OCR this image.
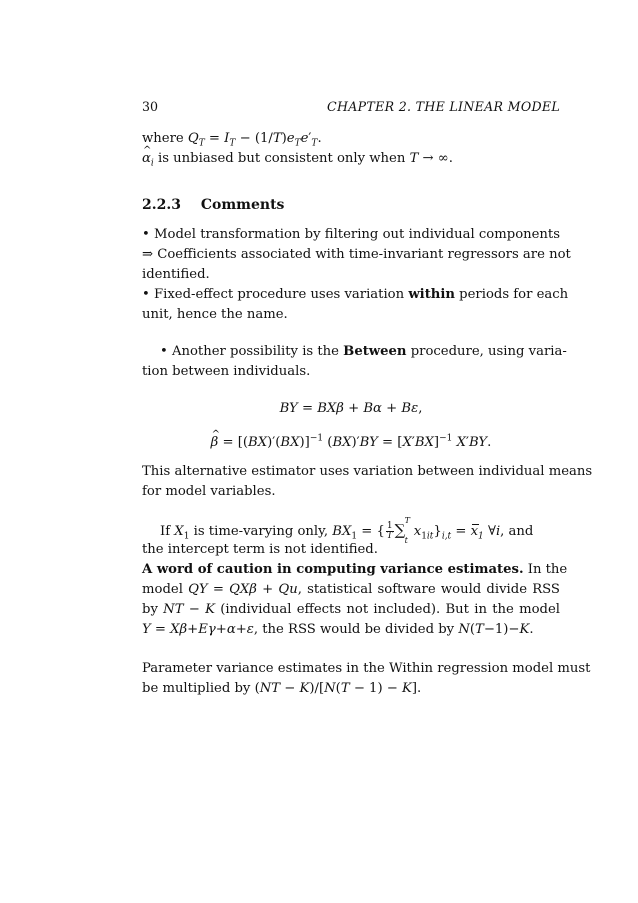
30	CHAPTER 2. THE LINEAR MODEL
where $Q_T = I_T - (1/T)e_Te'_T$.
^ $\alpha_i$ is unbiased but consistent only when T → ∞.
2.2.3 Comments
• Model transformation by filtering out individual components
⇒ Coefficients associated with time-invariant regressors are not
identified.
• Fixed-effect procedure uses variation within periods for each
unit, hence the name.
• Another possibility is the Between procedure, using varia-
tion between individuals.
BY = BXβ + Bα + Bε,
^ $\beta = [(BX)'(BX)]^{-1}$ $(BX)'BY = [X'BX]^{-1}$ X′BY.
This alternative estimator uses variation between individual means
for model variables.
If $X_1$ is time-varying only, $BX_1$ = { $\frac{1}{T}$ ∑
T
t
$x_{1it}\}_{i,t} = x_1$ ∀i, and
the intercept term is not identified.
A word of caution in computing variance estimates. In the
model QY = QXβ + Qu, statistical software would divide RSS
by NT − K (individual effects not included). But in the model
Y = Xβ+Eγ+α+ε, the RSS would be divided by N(T−1)−K.
Parameter variance estimates in the Within regression model must
be multiplied by (NT − K)/[N(T − 1) − K].
